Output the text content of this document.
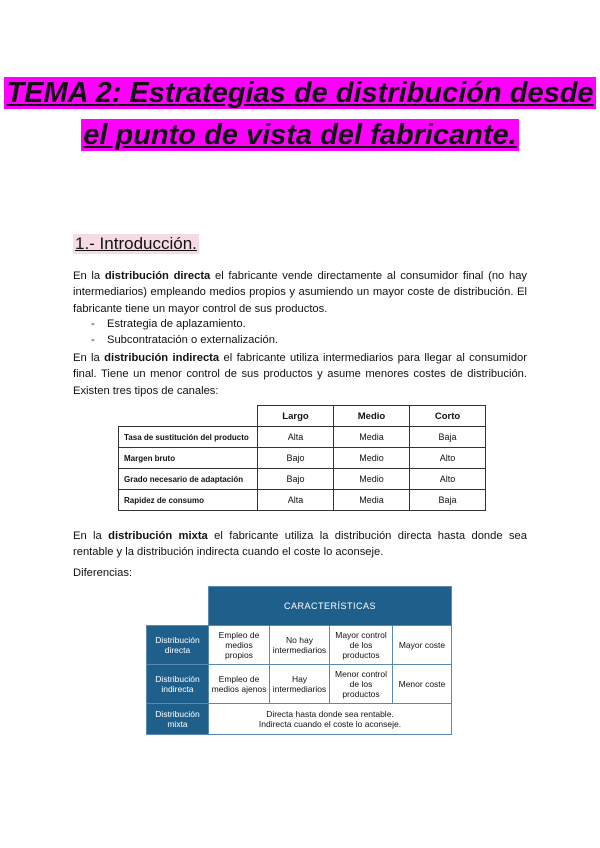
TEMA 2: Estrategias de distribución desde el punto de vista del fabricante.
1.- Introducción.
En la distribución directa el fabricante vende directamente al consumidor final (no hay intermediarios) empleando medios propios y asumiendo un mayor coste de distribución. El fabricante tiene un mayor control de sus productos.
- Estrategia de aplazamiento.
- Subcontratación o externalización.
En la distribución indirecta el fabricante utiliza intermediarios para llegar al consumidor final. Tiene un menor control de sus productos y asume menores costes de distribución. Existen tres tipos de canales:
	Largo	Medio	Corto
Tasa de sustitución del producto	Alta	Media	Baja
Margen bruto	Bajo	Medio	Alto
Grado necesario de adaptación	Bajo	Medio	Alto
Rapidez de consumo	Alta	Media	Baja
En la distribución mixta el fabricante utiliza la distribución directa hasta donde sea rentable y la distribución indirecta cuando el coste lo aconseje.
Diferencias:
	CARACTERÍSTICAS			
Distribución directa	Empleo de medios propios	No hay intermediarios	Mayor control de los productos	Mayor coste
Distribución indirecta	Empleo de medios ajenos	Hay intermediarios	Menor control de los productos	Menor coste
Distribución mixta	Directa hasta donde sea rentable.
Indirecta cuando el coste lo aconseje.			
